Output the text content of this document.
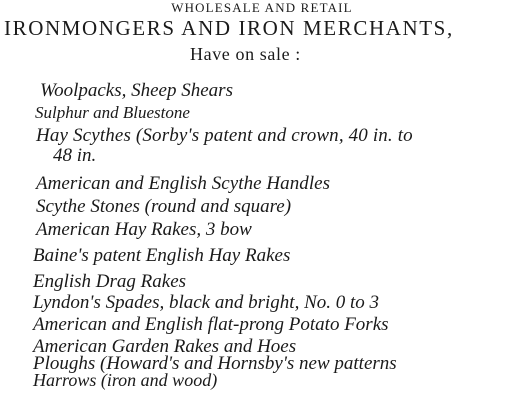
WHOLESALE AND RETAIL
IRONMONGERS AND IRON MERCHANTS,
Have on sale :
Woolpacks, Sheep Shears
Sulphur and Bluestone
Hay Scythes (Sorby's patent and crown, 40 in. to
48 in.
American and English Scythe Handles
Scythe Stones (round and square)
American Hay Rakes, 3 bow
Baine's patent English Hay Rakes
English Drag Rakes
Lyndon's Spades, black and bright, No. 0 to 3
American and English flat-prong Potato Forks
American Garden Rakes and Hoes
Ploughs (Howard's and Hornsby's new patterns
Harrows (iron and wood)
